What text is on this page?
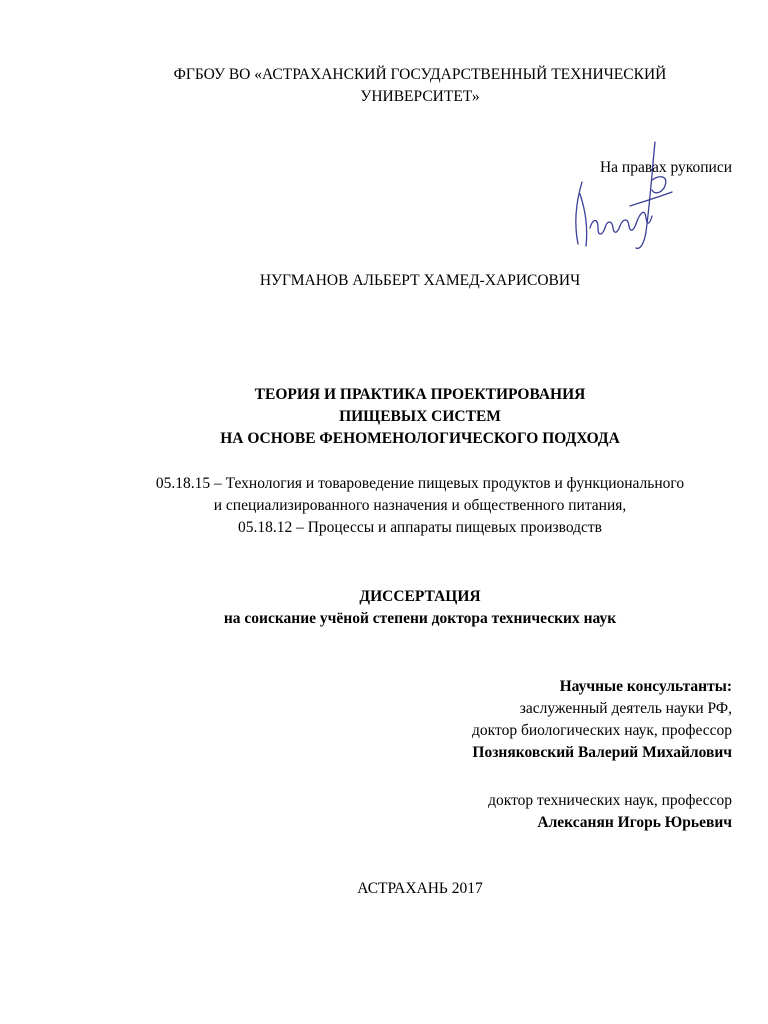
ФГБОУ ВО «АСТРАХАНСКИЙ ГОСУДАРСТВЕННЫЙ ТЕХНИЧЕСКИЙ
УНИВЕРСИТЕТ»
На правах рукописи
НУГМАНОВ АЛЬБЕРТ ХАМЕД-ХАРИСОВИЧ
ТЕОРИЯ И ПРАКТИКА ПРОЕКТИРОВАНИЯ
ПИЩЕВЫХ СИСТЕМ
НА ОСНОВЕ ФЕНОМЕНОЛОГИЧЕСКОГО ПОДХОДА
05.18.15 – Технология и товароведение пищевых продуктов и функционального
и специализированного назначения и общественного питания,
05.18.12 – Процессы и аппараты пищевых производств
ДИССЕРТАЦИЯ
на соискание учёной степени доктора технических наук
Научные консультанты:
заслуженный деятель науки РФ,
доктор биологических наук, профессор
Позняковский Валерий Михайлович
доктор технических наук, профессор
Алексанян Игорь Юрьевич
АСТРАХАНЬ 2017
